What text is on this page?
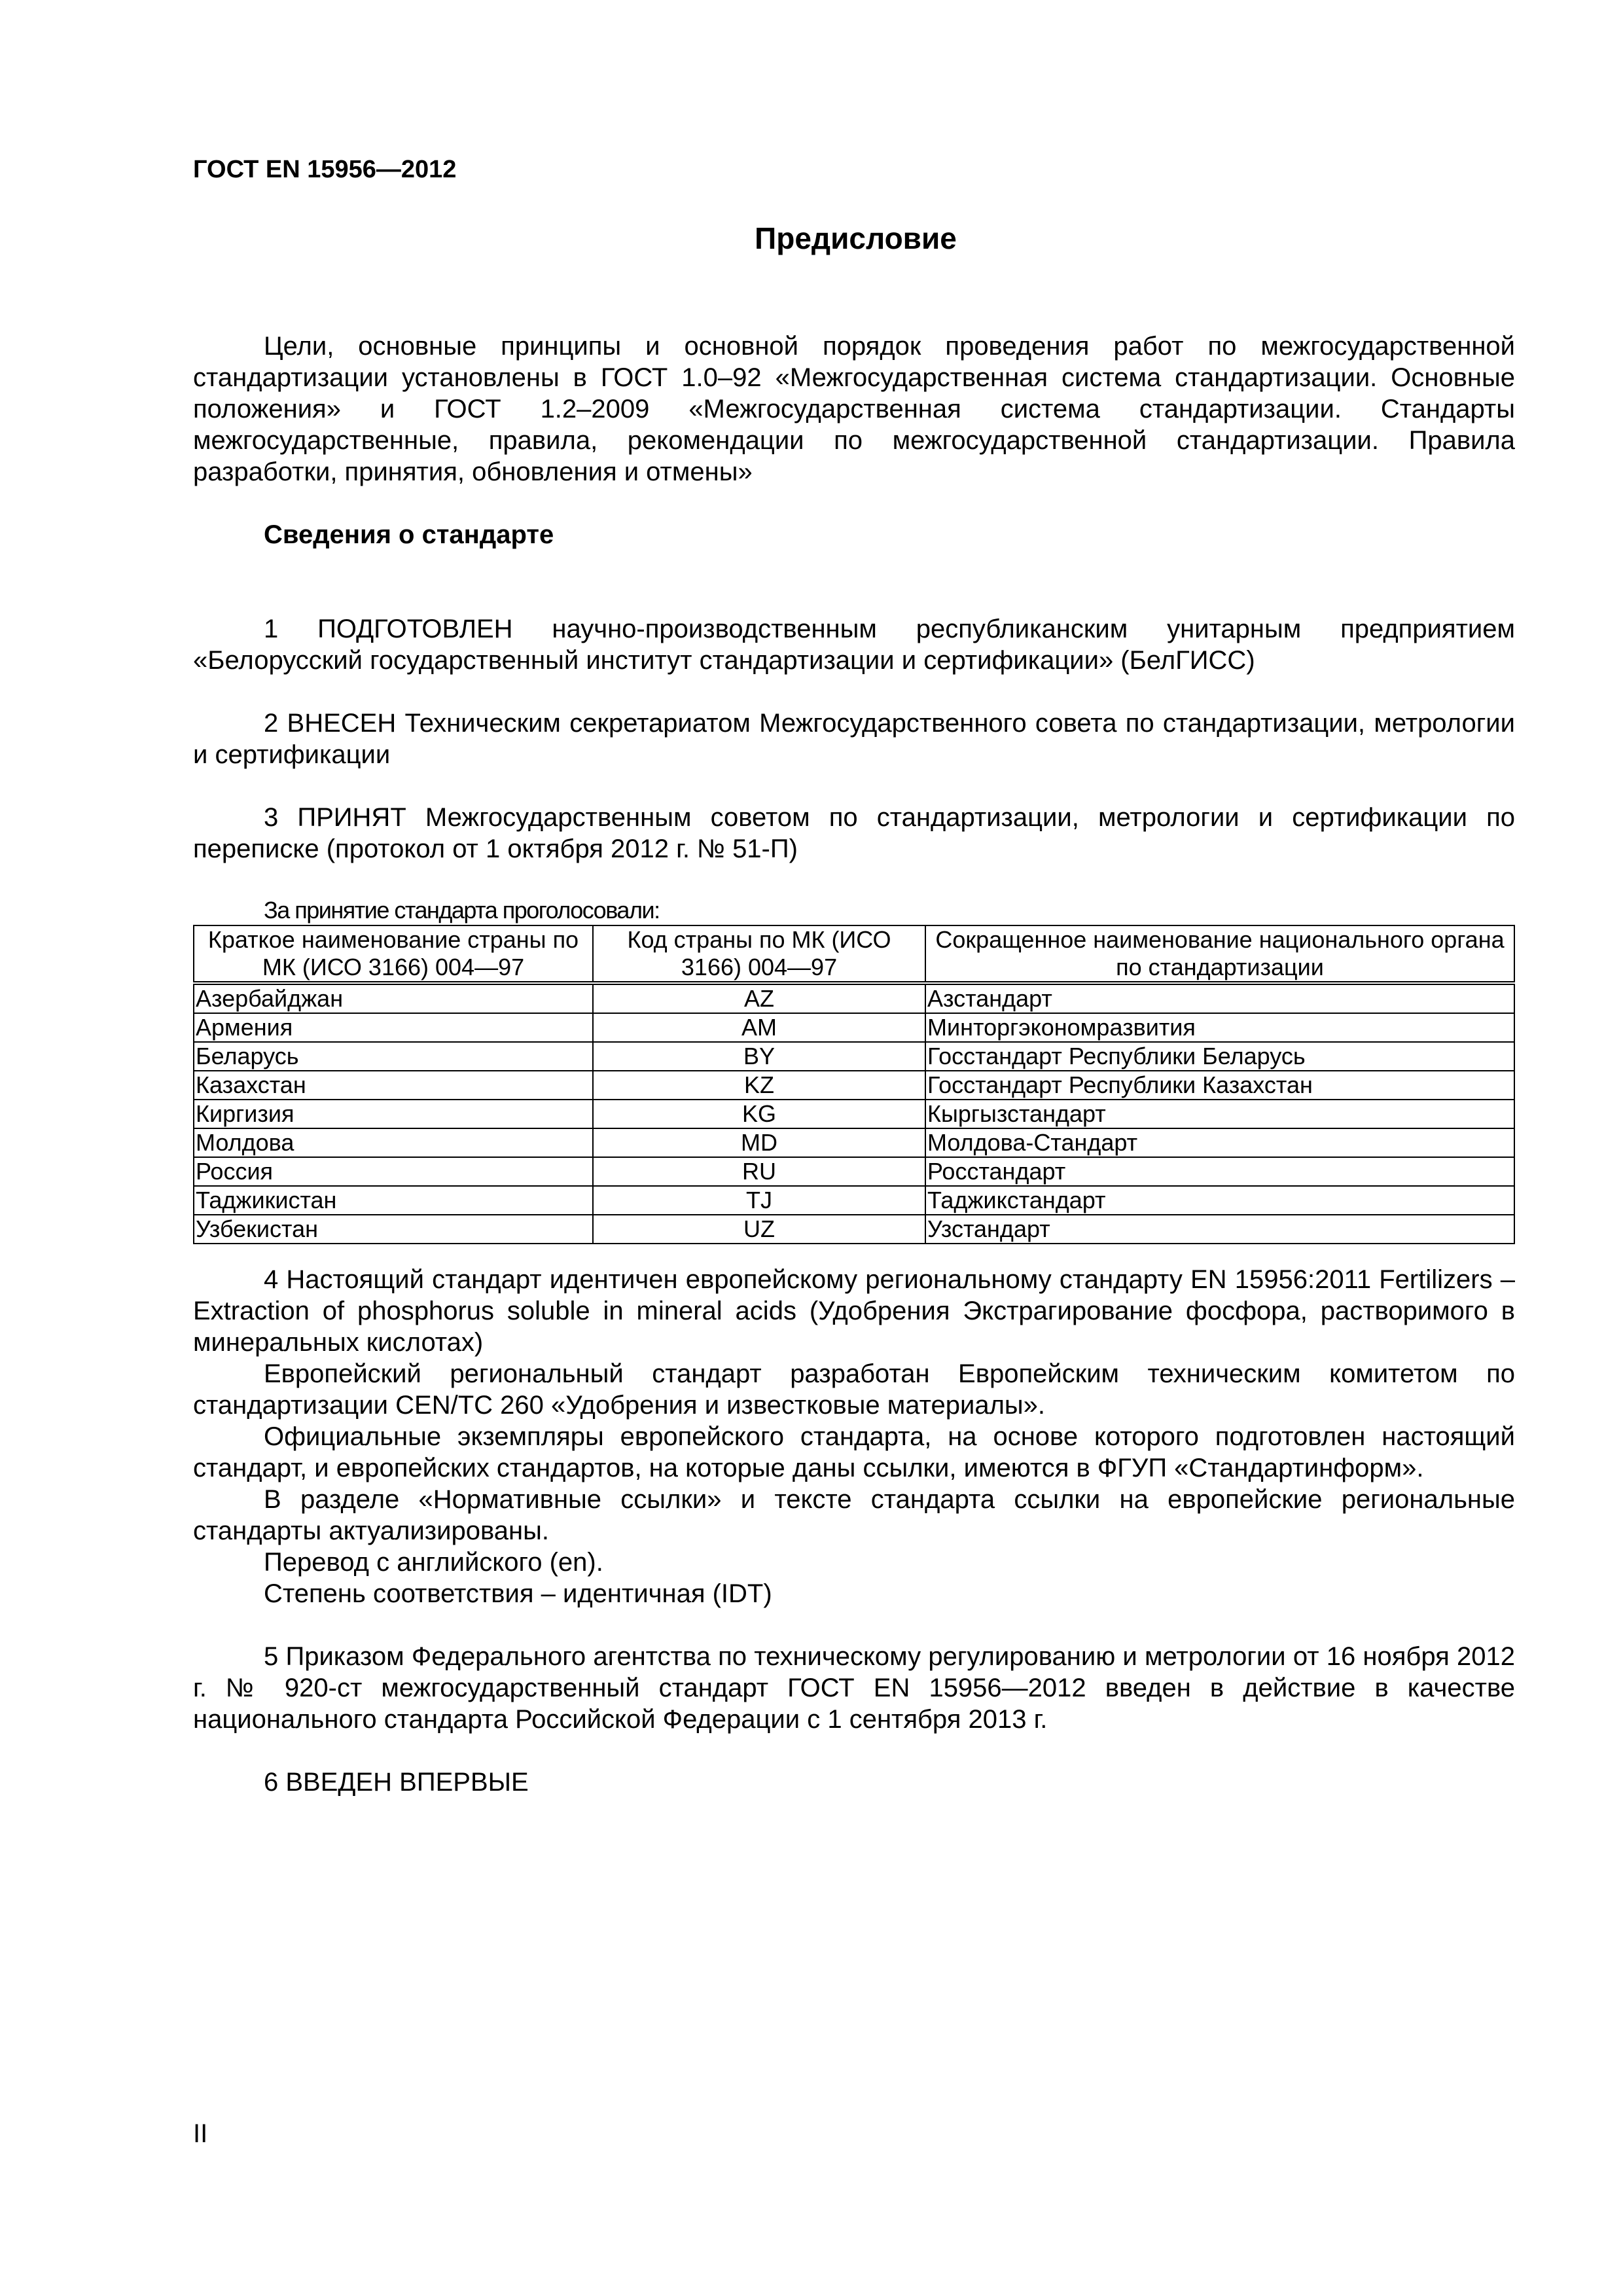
ГОСТ EN 15956—2012
Предисловие

Цели, основные принципы и основной порядок проведения работ по межгосударственной стандартизации установлены в ГОСТ 1.0–92 «Межгосударственная система стандартизации. Основные положения» и ГОСТ 1.2–2009 «Межгосударственная система стандартизации. Стандарты межгосударственные, правила, рекомендации по межгосударственной стандартизации. Правила разработки, принятия, обновления и отмены»

Сведения о стандарте

1 ПОДГОТОВЛЕН научно-производственным республиканским унитарным предприятием «Белорусский государственный институт стандартизации и сертификации» (БелГИСС)

2 ВНЕСЕН Техническим секретариатом Межгосударственного совета по стандартизации, метрологии и сертификации

3 ПРИНЯТ Межгосударственным советом по стандартизации, метрологии и сертификации по переписке (протокол от 1 октября 2012 г. № 51-П)

За принятие стандарта проголосовали:

Краткое наименование страны по МК (ИСО 3166) 004—97	Код страны по МК (ИСО 3166) 004—97	Сокращенное наименование национального органа по стандартизации
Азербайджан	AZ	Азстандарт
Армения	AM	Минторгэкономразвития
Беларусь	BY	Госстандарт Республики Беларусь
Казахстан	KZ	Госстандарт Республики Казахстан
Киргизия	KG	Кыргызстандарт
Молдова	MD	Молдова-Стандарт
Россия	RU	Росстандарт
Таджикистан	TJ	Таджикстандарт
Узбекистан	UZ	Узстандарт

4 Настоящий стандарт идентичен европейскому региональному стандарту EN 15956:2011 Fertilizers – Extraction of phosphorus soluble in mineral acids (Удобрения Экстрагирование фосфора, растворимого в минеральных кислотах)

Европейский региональный стандарт разработан Европейским техническим комитетом по стандартизации CEN/TC 260 «Удобрения и известковые материалы».

Официальные экземпляры европейского стандарта, на основе которого подготовлен настоящий стандарт, и европейских стандартов, на которые даны ссылки, имеются в ФГУП «Стандартинформ».

В разделе «Нормативные ссылки» и тексте стандарта ссылки на европейские региональные стандарты актуализированы.

Перевод с английского (en).

Степень соответствия – идентичная (IDT)

5 Приказом Федерального агентства по техническому регулированию и метрологии от 16 ноября 2012 г. № 920-ст межгосударственный стандарт ГОСТ EN 15956—2012 введен в действие в качестве национального стандарта Российской Федерации с 1 сентября 2013 г.

6 ВВЕДЕН ВПЕРВЫЕ

II
